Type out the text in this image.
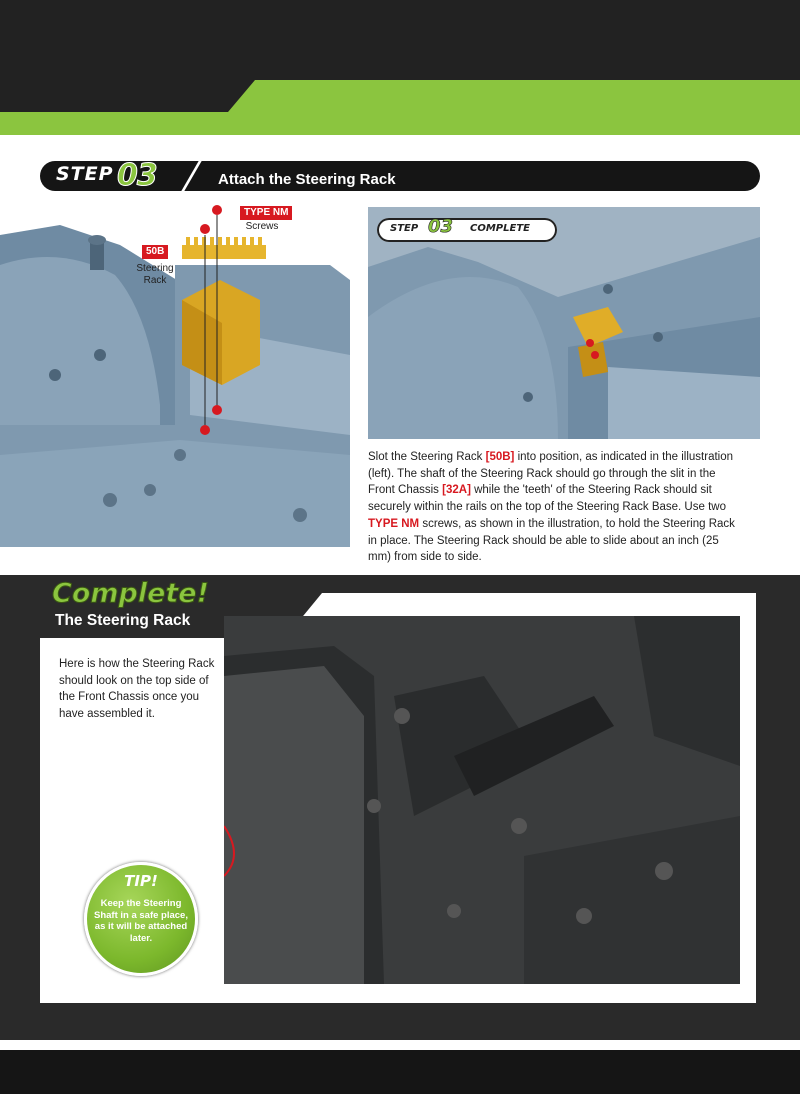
STEP 03	Attach the Steering Rack
TYPE NM
Screws
50B
Steering
Rack
STEP 03 COMPLETE
Slot the Steering Rack [50B] into position, as indicated in the illustration (left). The shaft of the Steering Rack should go through the slit in the Front Chassis [32A] while the 'teeth' of the Steering Rack should sit securely within the rails on the top of the Steering Rack Base. Use two TYPE NM screws, as shown in the illustration, to hold the Steering Rack in place. The Steering Rack should be able to slide about an inch (25 mm) from side to side.
Complete!
The Steering Rack
Here is how the Steering Rack should look on the top side of the Front Chassis once you have assembled it.
TIP!
Keep the Steering Shaft in a safe place, as it will be attached later.
